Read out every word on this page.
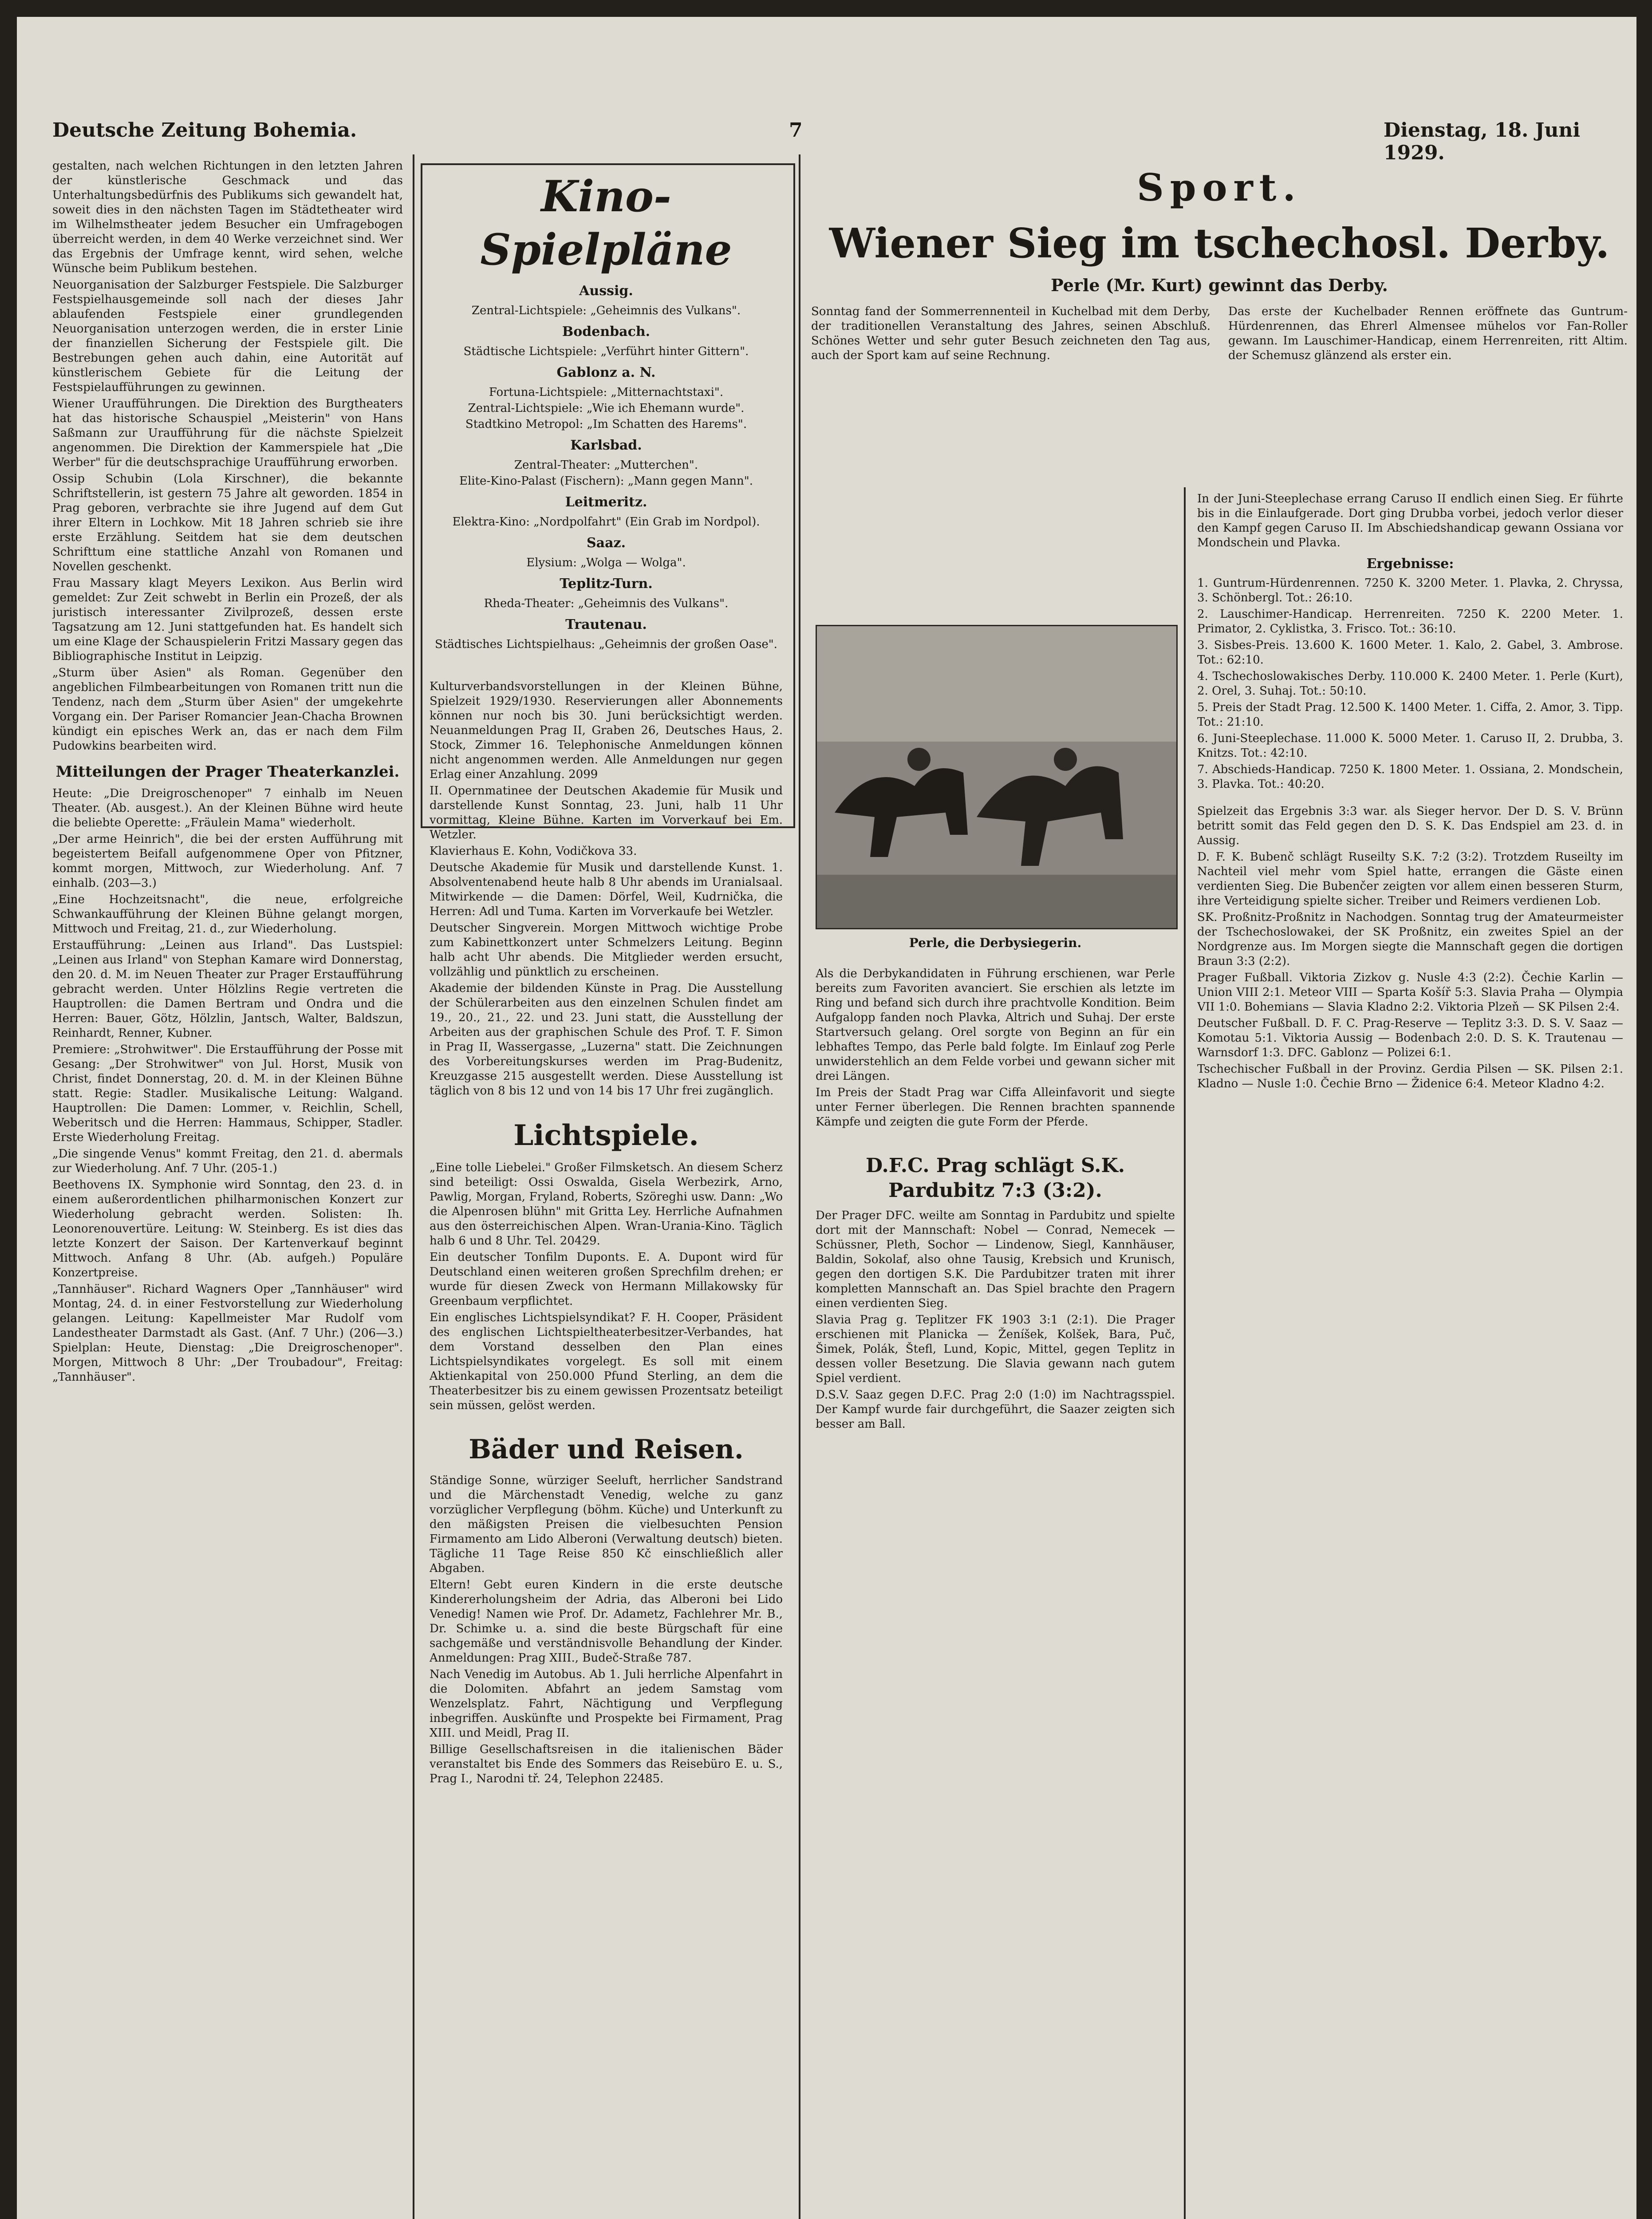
Deutsche Zeitung Bohemia.	7	Dienstag, 18. Juni 1929.

gestalten, nach welchen Richtungen in den letzten Jahren der künstlerische Geschmack und das Unterhaltungsbedürfnis des Publikums sich gewandelt hat, soweit dies in den nächsten Tagen im Städtetheater wird im Wilhelmstheater jedem Besucher ein Umfragebogen überreicht werden, in dem 40 Werke verzeichnet sind. Wer das Ergebnis der Umfrage kennt, wird sehen, welche Wünsche beim Publikum bestehen.

Neuorganisation der Salzburger Festspiele. Die Salzburger Festspielhausgemeinde soll nach der dieses Jahr ablaufenden Festspiele einer grundlegenden Neuorganisation unterzogen werden, die in erster Linie der finanziellen Sicherung der Festspiele gilt. Die Bestrebungen gehen auch dahin, eine Autorität auf künstlerischem Gebiete für die Leitung der Festspielaufführungen zu gewinnen.

Wiener Uraufführungen. Die Direktion des Burgtheaters hat das historische Schauspiel „Meisterin" von Hans Saßmann zur Uraufführung für die nächste Spielzeit angenommen. Die Direktion der Kammerspiele hat „Die Werber" für die deutschsprachige Uraufführung erworben.

Ossip Schubin (Lola Kirschner), die bekannte Schriftstellerin, ist gestern 75 Jahre alt geworden. 1854 in Prag geboren, verbrachte sie ihre Jugend auf dem Gut ihrer Eltern in Lochkow. Mit 18 Jahren schrieb sie ihre erste Erzählung. Seitdem hat sie dem deutschen Schrifttum eine stattliche Anzahl von Romanen und Novellen geschenkt.

Frau Massary klagt Meyers Lexikon. Aus Berlin wird gemeldet: Zur Zeit schwebt in Berlin ein Prozeß, der als juristisch interessanter Zivilprozeß, dessen erste Tagsatzung am 12. Juni stattgefunden hat. Es handelt sich um eine Klage der Schauspielerin Fritzi Massary gegen das Bibliographische Institut in Leipzig.

„Sturm über Asien" als Roman. Gegenüber den angeblichen Filmbearbeitungen von Romanen tritt nun die Tendenz, nach dem „Sturm über Asien" der umgekehrte Vorgang ein. Der Pariser Romancier Jean-Chacha Brownen kündigt ein episches Werk an, das er nach dem Film Pudowkins bearbeiten wird.

Mitteilungen der Prager Theaterkanzlei.

Heute: „Die Dreigroschenoper" 7 einhalb im Neuen Theater. (Ab. ausgest.). An der Kleinen Bühne wird heute die beliebte Operette: „Fräulein Mama" wiederholt.

„Der arme Heinrich", die bei der ersten Aufführung mit begeistertem Beifall aufgenommene Oper von Pfitzner, kommt morgen, Mittwoch, zur Wiederholung. Anf. 7 einhalb. (203—3.)

„Eine Hochzeitsnacht", die neue, erfolgreiche Schwankaufführung der Kleinen Bühne gelangt morgen, Mittwoch und Freitag, 21. d., zur Wiederholung.

Erstaufführung: „Leinen aus Irland". Das Lustspiel: „Leinen aus Irland" von Stephan Kamare wird Donnerstag, den 20. d. M. im Neuen Theater zur Prager Erstaufführung gebracht werden. Unter Hölzlins Regie vertreten die Hauptrollen: die Damen Bertram und Ondra und die Herren: Bauer, Götz, Hölzlin, Jantsch, Walter, Baldszun, Reinhardt, Renner, Kubner.

Premiere: „Strohwitwer". Die Erstaufführung der Posse mit Gesang: „Der Strohwitwer" von Jul. Horst, Musik von Christ, findet Donnerstag, 20. d. M. in der Kleinen Bühne statt. Regie: Stadler. Musikalische Leitung: Walgand. Hauptrollen: Die Damen: Lommer, v. Reichlin, Schell, Weberitsch und die Herren: Hammaus, Schipper, Stadler. Erste Wiederholung Freitag.

„Die singende Venus" kommt Freitag, den 21. d. abermals zur Wiederholung. Anf. 7 Uhr. (205-1.)

Beethovens IX. Symphonie wird Sonntag, den 23. d. in einem außerordentlichen philharmonischen Konzert zur Wiederholung gebracht werden. Solisten: Ih. Leonorenouvertüre. Leitung: W. Steinberg. Es ist dies das letzte Konzert der Saison. Der Kartenverkauf beginnt Mittwoch. Anfang 8 Uhr. (Ab. aufgeh.) Populäre Konzertpreise.

„Tannhäuser". Richard Wagners Oper „Tannhäuser" wird Montag, 24. d. in einer Festvorstellung zur Wiederholung gelangen. Leitung: Kapellmeister Mar Rudolf vom Landestheater Darmstadt als Gast. (Anf. 7 Uhr.) (206—3.) Spielplan: Heute, Dienstag: „Die Dreigroschenoper". Morgen, Mittwoch 8 Uhr: „Der Troubadour", Freitag: „Tannhäuser".

Kino-Spielpläne
Aussig.
Zentral-Lichtspiele: „Geheimnis des Vulkans".
Bodenbach.
Städtische Lichtspiele: „Verführt hinter Gittern".
Gablonz a. N.
Fortuna-Lichtspiele: „Mitternachtstaxi".
Zentral-Lichtspiele: „Wie ich Ehemann wurde".
Stadtkino Metropol: „Im Schatten des Harems".
Karlsbad.
Zentral-Theater: „Mutterchen".
Elite-Kino-Palast (Fischern): „Mann gegen Mann".
Leitmeritz.
Elektra-Kino: „Nordpolfahrt" (Ein Grab im Nordpol).
Saaz.
Elysium: „Wolga — Wolga".
Teplitz-Turn.
Rheda-Theater: „Geheimnis des Vulkans".
Trautenau.
Städtisches Lichtspielhaus: „Geheimnis der großen Oase".

Kulturverbandsvorstellungen in der Kleinen Bühne, Spielzeit 1929/1930. Reservierungen aller Abonnements können nur noch bis 30. Juni berücksichtigt werden. Neuanmeldungen Prag II, Graben 26, Deutsches Haus, 2. Stock, Zimmer 16. Telephonische Anmeldungen können nicht angenommen werden. Alle Anmeldungen nur gegen Erlag einer Anzahlung. 2099

II. Opernmatinee der Deutschen Akademie für Musik und darstellende Kunst Sonntag, 23. Juni, halb 11 Uhr vormittag, Kleine Bühne. Karten im Vorverkauf bei Em. Wetzler.

Klavierhaus E. Kohn, Vodičkova 33.

Deutsche Akademie für Musik und darstellende Kunst. 1. Absolventenabend heute halb 8 Uhr abends im Uranialsaal. Mitwirkende — die Damen: Dörfel, Weil, Kudrnička, die Herren: Adl und Tuma. Karten im Vorverkaufe bei Wetzler.

Deutscher Singverein. Morgen Mittwoch wichtige Probe zum Kabinettkonzert unter Schmelzers Leitung. Beginn halb acht Uhr abends. Die Mitglieder werden ersucht, vollzählig und pünktlich zu erscheinen.

Akademie der bildenden Künste in Prag. Die Ausstellung der Schülerarbeiten aus den einzelnen Schulen findet am 19., 20., 21., 22. und 23. Juni statt, die Ausstellung der Arbeiten aus der graphischen Schule des Prof. T. F. Simon in Prag II, Wassergasse, „Luzerna" statt. Die Zeichnungen des Vorbereitungskurses werden im Prag-Budenitz, Kreuzgasse 215 ausgestellt werden. Diese Ausstellung ist täglich von 8 bis 12 und von 14 bis 17 Uhr frei zugänglich.

Lichtspiele.

„Eine tolle Liebelei." Großer Filmsketsch. An diesem Scherz sind beteiligt: Ossi Oswalda, Gisela Werbezirk, Arno, Pawlig, Morgan, Fryland, Roberts, Szöreghi usw. Dann: „Wo die Alpenrosen blühn" mit Gritta Ley. Herrliche Aufnahmen aus den österreichischen Alpen. Wran-Urania-Kino. Täglich halb 6 und 8 Uhr. Tel. 20429.

Ein deutscher Tonfilm Duponts. E. A. Dupont wird für Deutschland einen weiteren großen Sprechfilm drehen; er wurde für diesen Zweck von Hermann Millakowsky für Greenbaum verpflichtet.

Ein englisches Lichtspielsyndikat? F. H. Cooper, Präsident des englischen Lichtspieltheaterbesitzer-Verbandes, hat dem Vorstand desselben den Plan eines Lichtspielsyndikates vorgelegt. Es soll mit einem Aktienkapital von 250.000 Pfund Sterling, an dem die Theaterbesitzer bis zu einem gewissen Prozentsatz beteiligt sein müssen, gelöst werden.

Bäder und Reisen.

Ständige Sonne, würziger Seeluft, herrlicher Sandstrand und die Märchenstadt Venedig, welche zu ganz vorzüglicher Verpflegung (böhm. Küche) und Unterkunft zu den mäßigsten Preisen die vielbesuchten Pension Firmamento am Lido Alberoni (Verwaltung deutsch) bieten. Tägliche 11 Tage Reise 850 Kč einschließlich aller Abgaben.

Eltern! Gebt euren Kindern in die erste deutsche Kindererholungsheim der Adria, das Alberoni bei Lido Venedig! Namen wie Prof. Dr. Adametz, Fachlehrer Mr. B., Dr. Schimke u. a. sind die beste Bürgschaft für eine sachgemäße und verständnisvolle Behandlung der Kinder. Anmeldungen: Prag XIII., Budeč-Straße 787.

Nach Venedig im Autobus. Ab 1. Juli herrliche Alpenfahrt in die Dolomiten. Abfahrt an jedem Samstag vom Wenzelsplatz. Fahrt, Nächtigung und Verpflegung inbegriffen. Auskünfte und Prospekte bei Firmament, Prag XIII. und Meidl, Prag II.

Billige Gesellschaftsreisen in die italienischen Bäder veranstaltet bis Ende des Sommers das Reisebüro E. u. S., Prag I., Narodni tř. 24, Telephon 22485.

Sport.
Wiener Sieg im tschechosl. Derby.
Perle (Mr. Kurt) gewinnt das Derby.

Sonntag fand der Sommerrennenteil in Kuchelbad mit dem Derby, der traditionellen Veranstaltung des Jahres, seinen Abschluß. Schönes Wetter und sehr guter Besuch zeichneten den Tag aus, auch der Sport kam auf seine Rechnung.

Das erste der Kuchelbader Rennen eröffnete das Guntrum-Hürdenrennen, das Ehrerl Almensee mühelos vor Fan-Roller gewann. Im Lauschimer-Handicap, einem Herrenreiten, ritt Altim. der Schemusz glänzend als erster ein.

Perle, die Derbysiegerin.

Als die Derbykandidaten in Führung erschienen, war Perle bereits zum Favoriten avanciert. Sie erschien als letzte im Ring und befand sich durch ihre prachtvolle Kondition. Beim Aufgalopp fanden noch Plavka, Altrich und Suhaj. Der erste Startversuch gelang. Orel sorgte von Beginn an für ein lebhaftes Tempo, das Perle bald folgte. Im Einlauf zog Perle unwiderstehlich an dem Felde vorbei und gewann sicher mit drei Längen.

Im Preis der Stadt Prag war Ciffa Alleinfavorit und siegte unter Ferner überlegen. Die Rennen brachten spannende Kämpfe und zeigten die gute Form der Pferde.

D.F.C. Prag schlägt S.K. Pardubitz 7:3 (3:2).

Der Prager DFC. weilte am Sonntag in Pardubitz und spielte dort mit der Mannschaft: Nobel — Conrad, Nemecek — Schüssner, Pleth, Sochor — Lindenow, Siegl, Kannhäuser, Baldin, Sokolaf, also ohne Tausig, Krebsich und Krunisch, gegen den dortigen S.K. Die Pardubitzer traten mit ihrer kompletten Mannschaft an. Das Spiel brachte den Pragern einen verdienten Sieg.

Slavia Prag g. Teplitzer FK 1903 3:1 (2:1). Die Prager erschienen mit Planicka — Ženíšek, Kolšek, Bara, Puč, Šimek, Polák, Štefl, Lund, Kopic, Mittel, gegen Teplitz in dessen voller Besetzung. Die Slavia gewann nach gutem Spiel verdient.

D.S.V. Saaz gegen D.F.C. Prag 2:0 (1:0) im Nachtragsspiel. Der Kampf wurde fair durchgeführt, die Saazer zeigten sich besser am Ball.

In der Juni-Steeplechase errang Caruso II endlich einen Sieg. Er führte bis in die Einlaufgerade. Dort ging Drubba vorbei, jedoch verlor dieser den Kampf gegen Caruso II. Im Abschiedshandicap gewann Ossiana vor Mondschein und Plavka.

Ergebnisse:

1. Guntrum-Hürdenrennen. 7250 K. 3200 Meter. 1. Plavka, 2. Chryssa, 3. Schönbergl. Tot.: 26:10.

2. Lauschimer-Handicap. Herrenreiten. 7250 K. 2200 Meter. 1. Primator, 2. Cyklistka, 3. Frisco. Tot.: 36:10.

3. Sisbes-Preis. 13.600 K. 1600 Meter. 1. Kalo, 2. Gabel, 3. Ambrose. Tot.: 62:10.

4. Tschechoslowakisches Derby. 110.000 K. 2400 Meter. 1. Perle (Kurt), 2. Orel, 3. Suhaj. Tot.: 50:10.

5. Preis der Stadt Prag. 12.500 K. 1400 Meter. 1. Ciffa, 2. Amor, 3. Tipp. Tot.: 21:10.

6. Juni-Steeplechase. 11.000 K. 5000 Meter. 1. Caruso II, 2. Drubba, 3. Knitzs. Tot.: 42:10.

7. Abschieds-Handicap. 7250 K. 1800 Meter. 1. Ossiana, 2. Mondschein, 3. Plavka. Tot.: 40:20.

Spielzeit das Ergebnis 3:3 war. als Sieger hervor. Der D. S. V. Brünn betritt somit das Feld gegen den D. S. K. Das Endspiel am 23. d. in Aussig.

D. F. K. Bubenč schlägt Ruseilty S.K. 7:2 (3:2). Trotzdem Ruseilty im Nachteil viel mehr vom Spiel hatte, errangen die Gäste einen verdienten Sieg. Die Bubenčer zeigten vor allem einen besseren Sturm, ihre Verteidigung spielte sicher. Treiber und Reimers verdienen Lob.

SK. Proßnitz-Proßnitz in Nachodgen. Sonntag trug der Amateurmeister der Tschechoslowakei, der SK Proßnitz, ein zweites Spiel an der Nordgrenze aus. Im Morgen siegte die Mannschaft gegen die dortigen Braun 3:3 (2:2).

Prager Fußball. Viktoria Zizkov g. Nusle 4:3 (2:2). Čechie Karlin — Union VIII 2:1. Meteor VIII — Sparta Košíř 5:3. Slavia Praha — Olympia VII 1:0. Bohemians — Slavia Kladno 2:2. Viktoria Plzeň — SK Pilsen 2:4.

Deutscher Fußball. D. F. C. Prag-Reserve — Teplitz 3:3. D. S. V. Saaz — Komotau 5:1. Viktoria Aussig — Bodenbach 2:0. D. S. K. Trautenau — Warnsdorf 1:3. DFC. Gablonz — Polizei 6:1.

Tschechischer Fußball in der Provinz. Gerdia Pilsen — SK. Pilsen 2:1. Kladno — Nusle 1:0. Čechie Brno — Židenice 6:4. Meteor Kladno 4:2.
